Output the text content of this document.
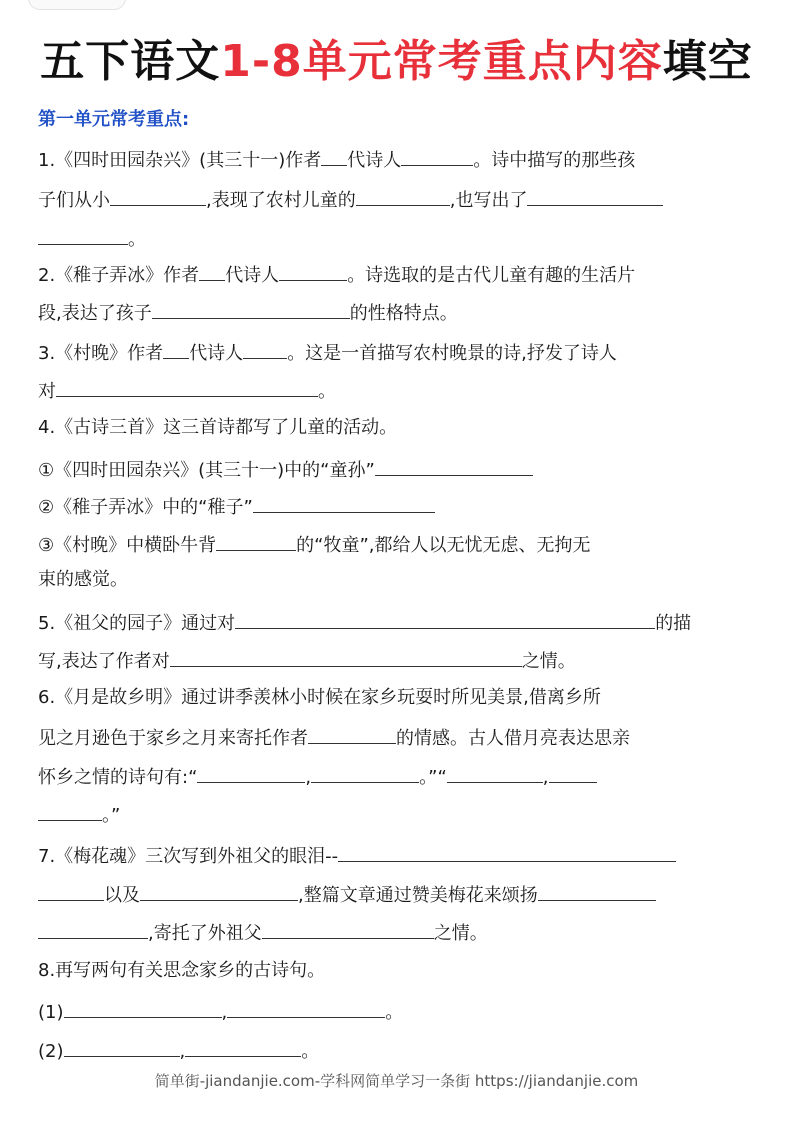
五下语文1-8单元常考重点内容填空
第一单元常考重点:
1.《四时田园杂兴》(其三十一)作者 代诗人	。诗中描写的那些孩
子们从小	,表现了农村儿童的	,也写出了
。
2.《稚子弄冰》作者 代诗人	。诗选取的是古代儿童有趣的生活片
段,表达了孩子	的性格特点。
3.《村晚》作者 代诗人 。这是一首描写农村晚景的诗,抒发了诗人
对	。
4.《古诗三首》这三首诗都写了儿童的活动。
①《四时田园杂兴》(其三十一)中的“童孙”
②《稚子弄冰》中的“稚子”
③《村晚》中横卧牛背	的“牧童”,都给人以无忧无虑、无拘无
束的感觉。
5.《祖父的园子》通过对	的描
写,表达了作者对	之情。
6.《月是故乡明》通过讲季羡林小时候在家乡玩耍时所见美景,借离乡所
见之月逊色于家乡之月来寄托作者	的情感。古人借月亮表达思亲
怀乡之情的诗句有:“	,	。”“	,
。”
7.《梅花魂》三次写到外祖父的眼泪--
以及	,整篇文章通过赞美梅花来颂扬
,寄托了外祖父	之情。
8.再写两句有关思念家乡的古诗句。
(1)	,	。
(2)	,	。
简单街-jiandanjie.com-学科网简单学习一条街 https://jiandanjie.com
